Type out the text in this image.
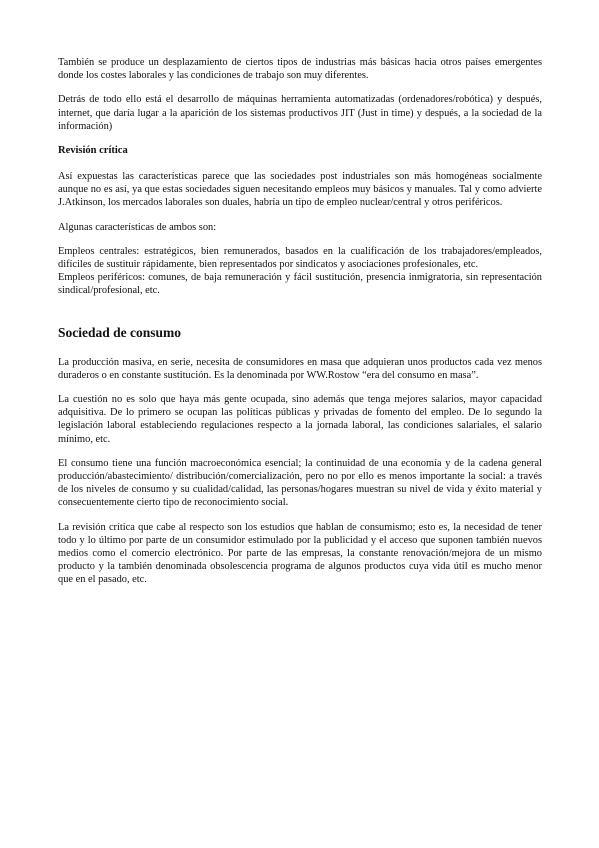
También se produce un desplazamiento de ciertos tipos de industrias más básicas hacia otros países emergentes donde los costes laborales y las condiciones de trabajo son muy diferentes.

Detrás de todo ello está el desarrollo de máquinas herramienta automatizadas (ordenadores/robótica) y después, internet, que daría lugar a la aparición de los sistemas productivos JIT (Just in time) y después, a la sociedad de la información)

Revisión crítica

Así expuestas las características parece que las sociedades post industriales son más homogéneas socialmente aunque no es así, ya que estas sociedades siguen necesitando empleos muy básicos y manuales. Tal y como advierte J.Atkinson, los mercados laborales son duales, habría un tipo de empleo nuclear/central y otros periféricos.

Algunas características de ambos son:

Empleos centrales: estratégicos, bien remunerados, basados en la cualificación de los trabajadores/empleados, difíciles de sustituir rápidamente, bien representados por sindicatos y asociaciones profesionales, etc.

Empleos periféricos: comunes, de baja remuneración y fácil sustitución, presencia inmigratoria, sin representación sindical/profesional, etc.

Sociedad de consumo

La producción masiva, en serie, necesita de consumidores en masa que adquieran unos productos cada vez menos duraderos o en constante sustitución. Es la denominada por WW.Rostow “era del consumo en masa”.

La cuestión no es solo que haya más gente ocupada, sino además que tenga mejores salarios, mayor capacidad adquisitiva. De lo primero se ocupan las políticas públicas y privadas de fomento del empleo. De lo segundo la legislación laboral estableciendo regulaciones respecto a la jornada laboral, las condiciones salariales, el salario mínimo, etc.

El consumo tiene una función macroeconómica esencial; la continuidad de una economía y de la cadena general producción/abastecimiento/ distribución/comercialización, pero no por ello es menos importante la social: a través de los niveles de consumo y su cualidad/calidad, las personas/hogares muestran su nivel de vida y éxito material y consecuentemente cierto tipo de reconocimiento social.

La revisión crítica que cabe al respecto son los estudios que hablan de consumismo; esto es, la necesidad de tener todo y lo último por parte de un consumidor estimulado por la publicidad y el acceso que suponen también nuevos medios como el comercio electrónico. Por parte de las empresas, la constante renovación/mejora de un mismo producto y la también denominada obsolescencia programa de algunos productos cuya vida útil es mucho menor que en el pasado, etc.
